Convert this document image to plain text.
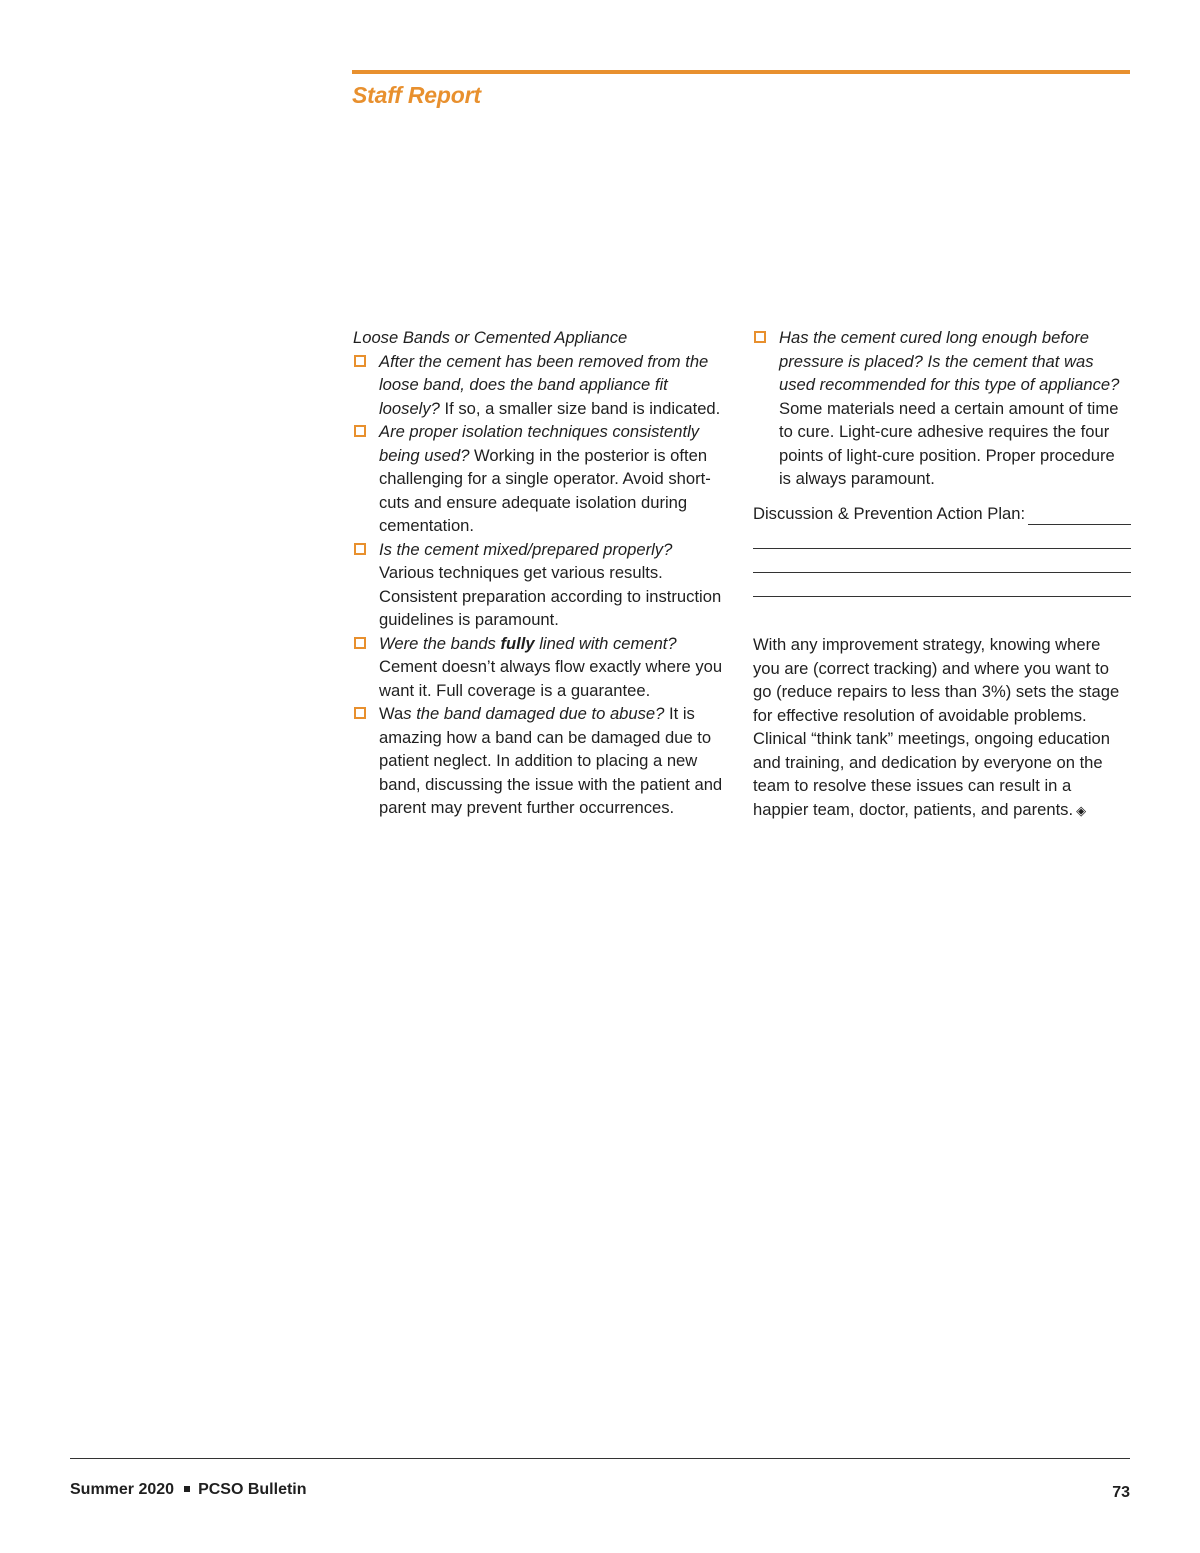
Staff Report

Loose Bands or Cemented Appliance

After the cement has been removed from the loose band, does the band appliance fit loosely? If so, a smaller size band is indicated.
Are proper isolation techniques consistently being used? Working in the posterior is often challenging for a single operator. Avoid short-cuts and ensure adequate isolation during cementation.
Is the cement mixed/prepared properly? Various techniques get various results. Consistent preparation according to instruction guidelines is paramount.
Were the bands fully lined with cement? Cement doesn’t always flow exactly where you want it. Full coverage is a guarantee.
Was the band damaged due to abuse? It is amazing how a band can be damaged due to patient neglect. In addition to placing a new band, discussing the issue with the patient and parent may prevent further occurrences.
Has the cement cured long enough before pressure is placed? Is the cement that was used recommended for this type of appliance? Some materials need a certain amount of time to cure. Light-cure adhesive requires the four points of light-cure position. Proper procedure is always paramount.
Discussion & Prevention Action Plan:

With any improvement strategy, knowing where you are (correct tracking) and where you want to go (reduce repairs to less than 3%) sets the stage for effective resolution of avoidable problems. Clinical “think tank” meetings, ongoing education and training, and dedication by everyone on the team to resolve these issues can result in a happier team, doctor, patients, and parents. ◈

Summer 2020 PCSO Bulletin	73
